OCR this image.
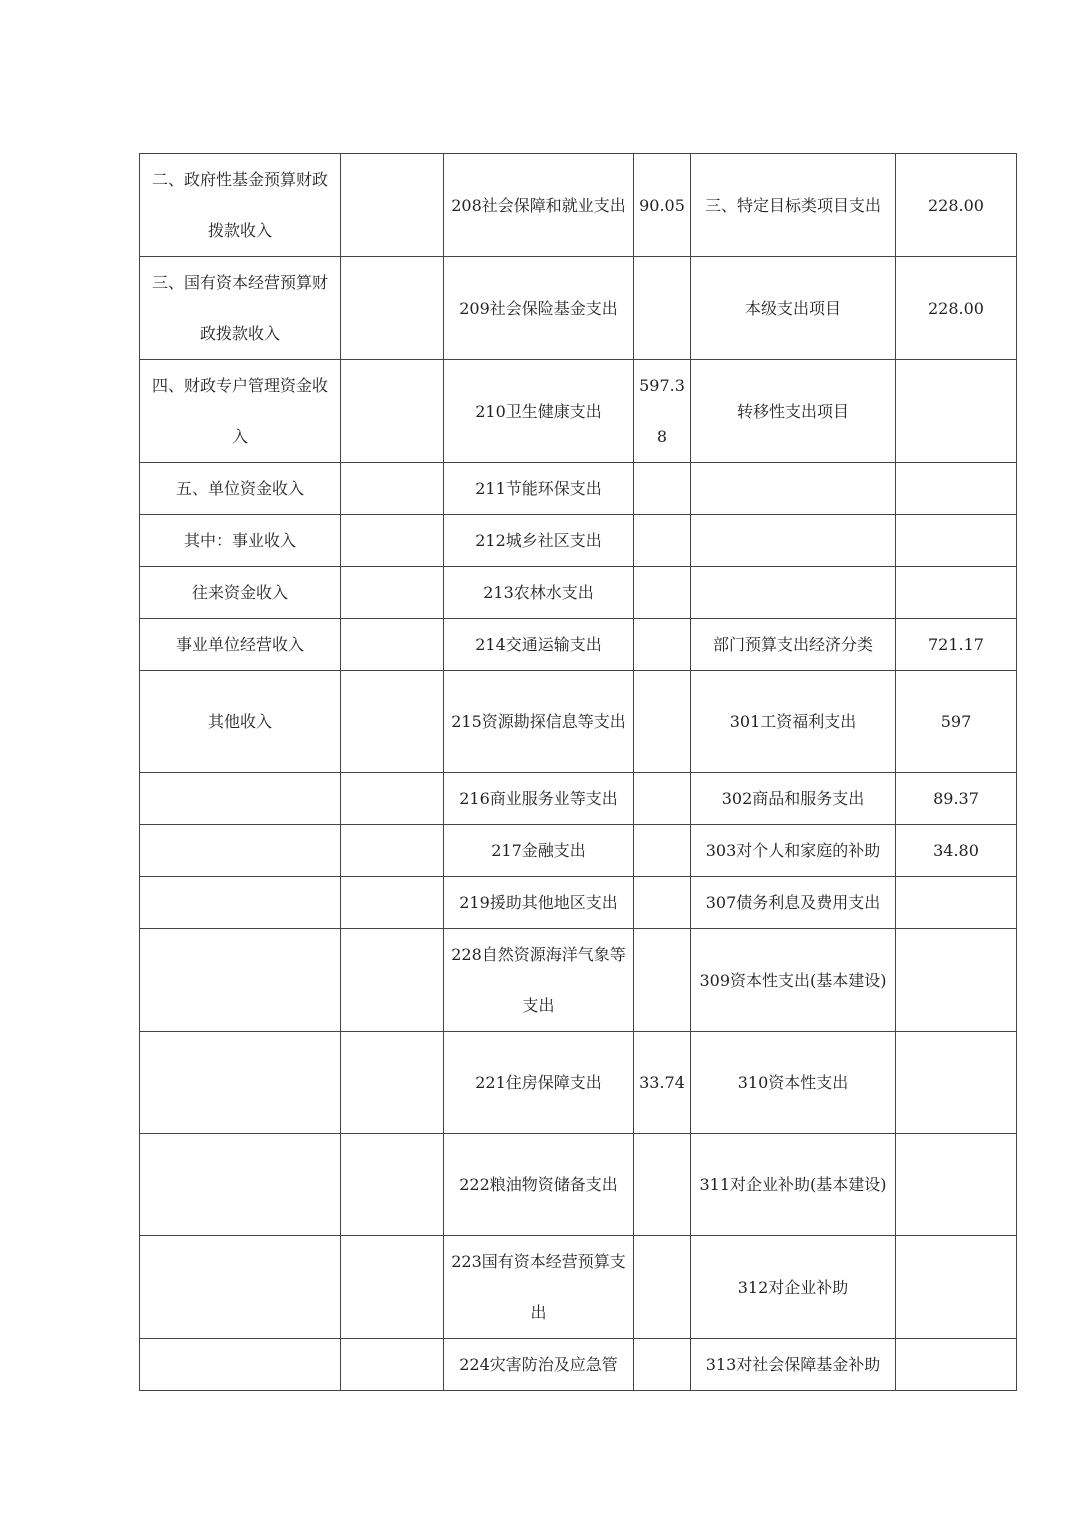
二、政府性基金预算财政拨款收入		208社会保障和就业支出	90.05	三、特定目标类项目支出	228.00
三、国有资本经营预算财政拨款收入		209社会保险基金支出		本级支出项目	228.00
四、财政专户管理资金收入		210卫生健康支出	597.38	转移性支出项目	
五、单位资金收入		211节能环保支出			
其中：事业收入		212城乡社区支出			
往来资金收入		213农林水支出			
事业单位经营收入		214交通运输支出		部门预算支出经济分类	721.17
其他收入		215资源勘探信息等支出		301工资福利支出	597
		216商业服务业等支出		302商品和服务支出	89.37
		217金融支出		303对个人和家庭的补助	34.80
		219援助其他地区支出		307债务利息及费用支出	
		228自然资源海洋气象等支出		309资本性支出(基本建设)	
		221住房保障支出	33.74	310资本性支出	
		222粮油物资储备支出		311对企业补助(基本建设)	
		223国有资本经营预算支出		312对企业补助	
		224灾害防治及应急管		313对社会保障基金补助	
